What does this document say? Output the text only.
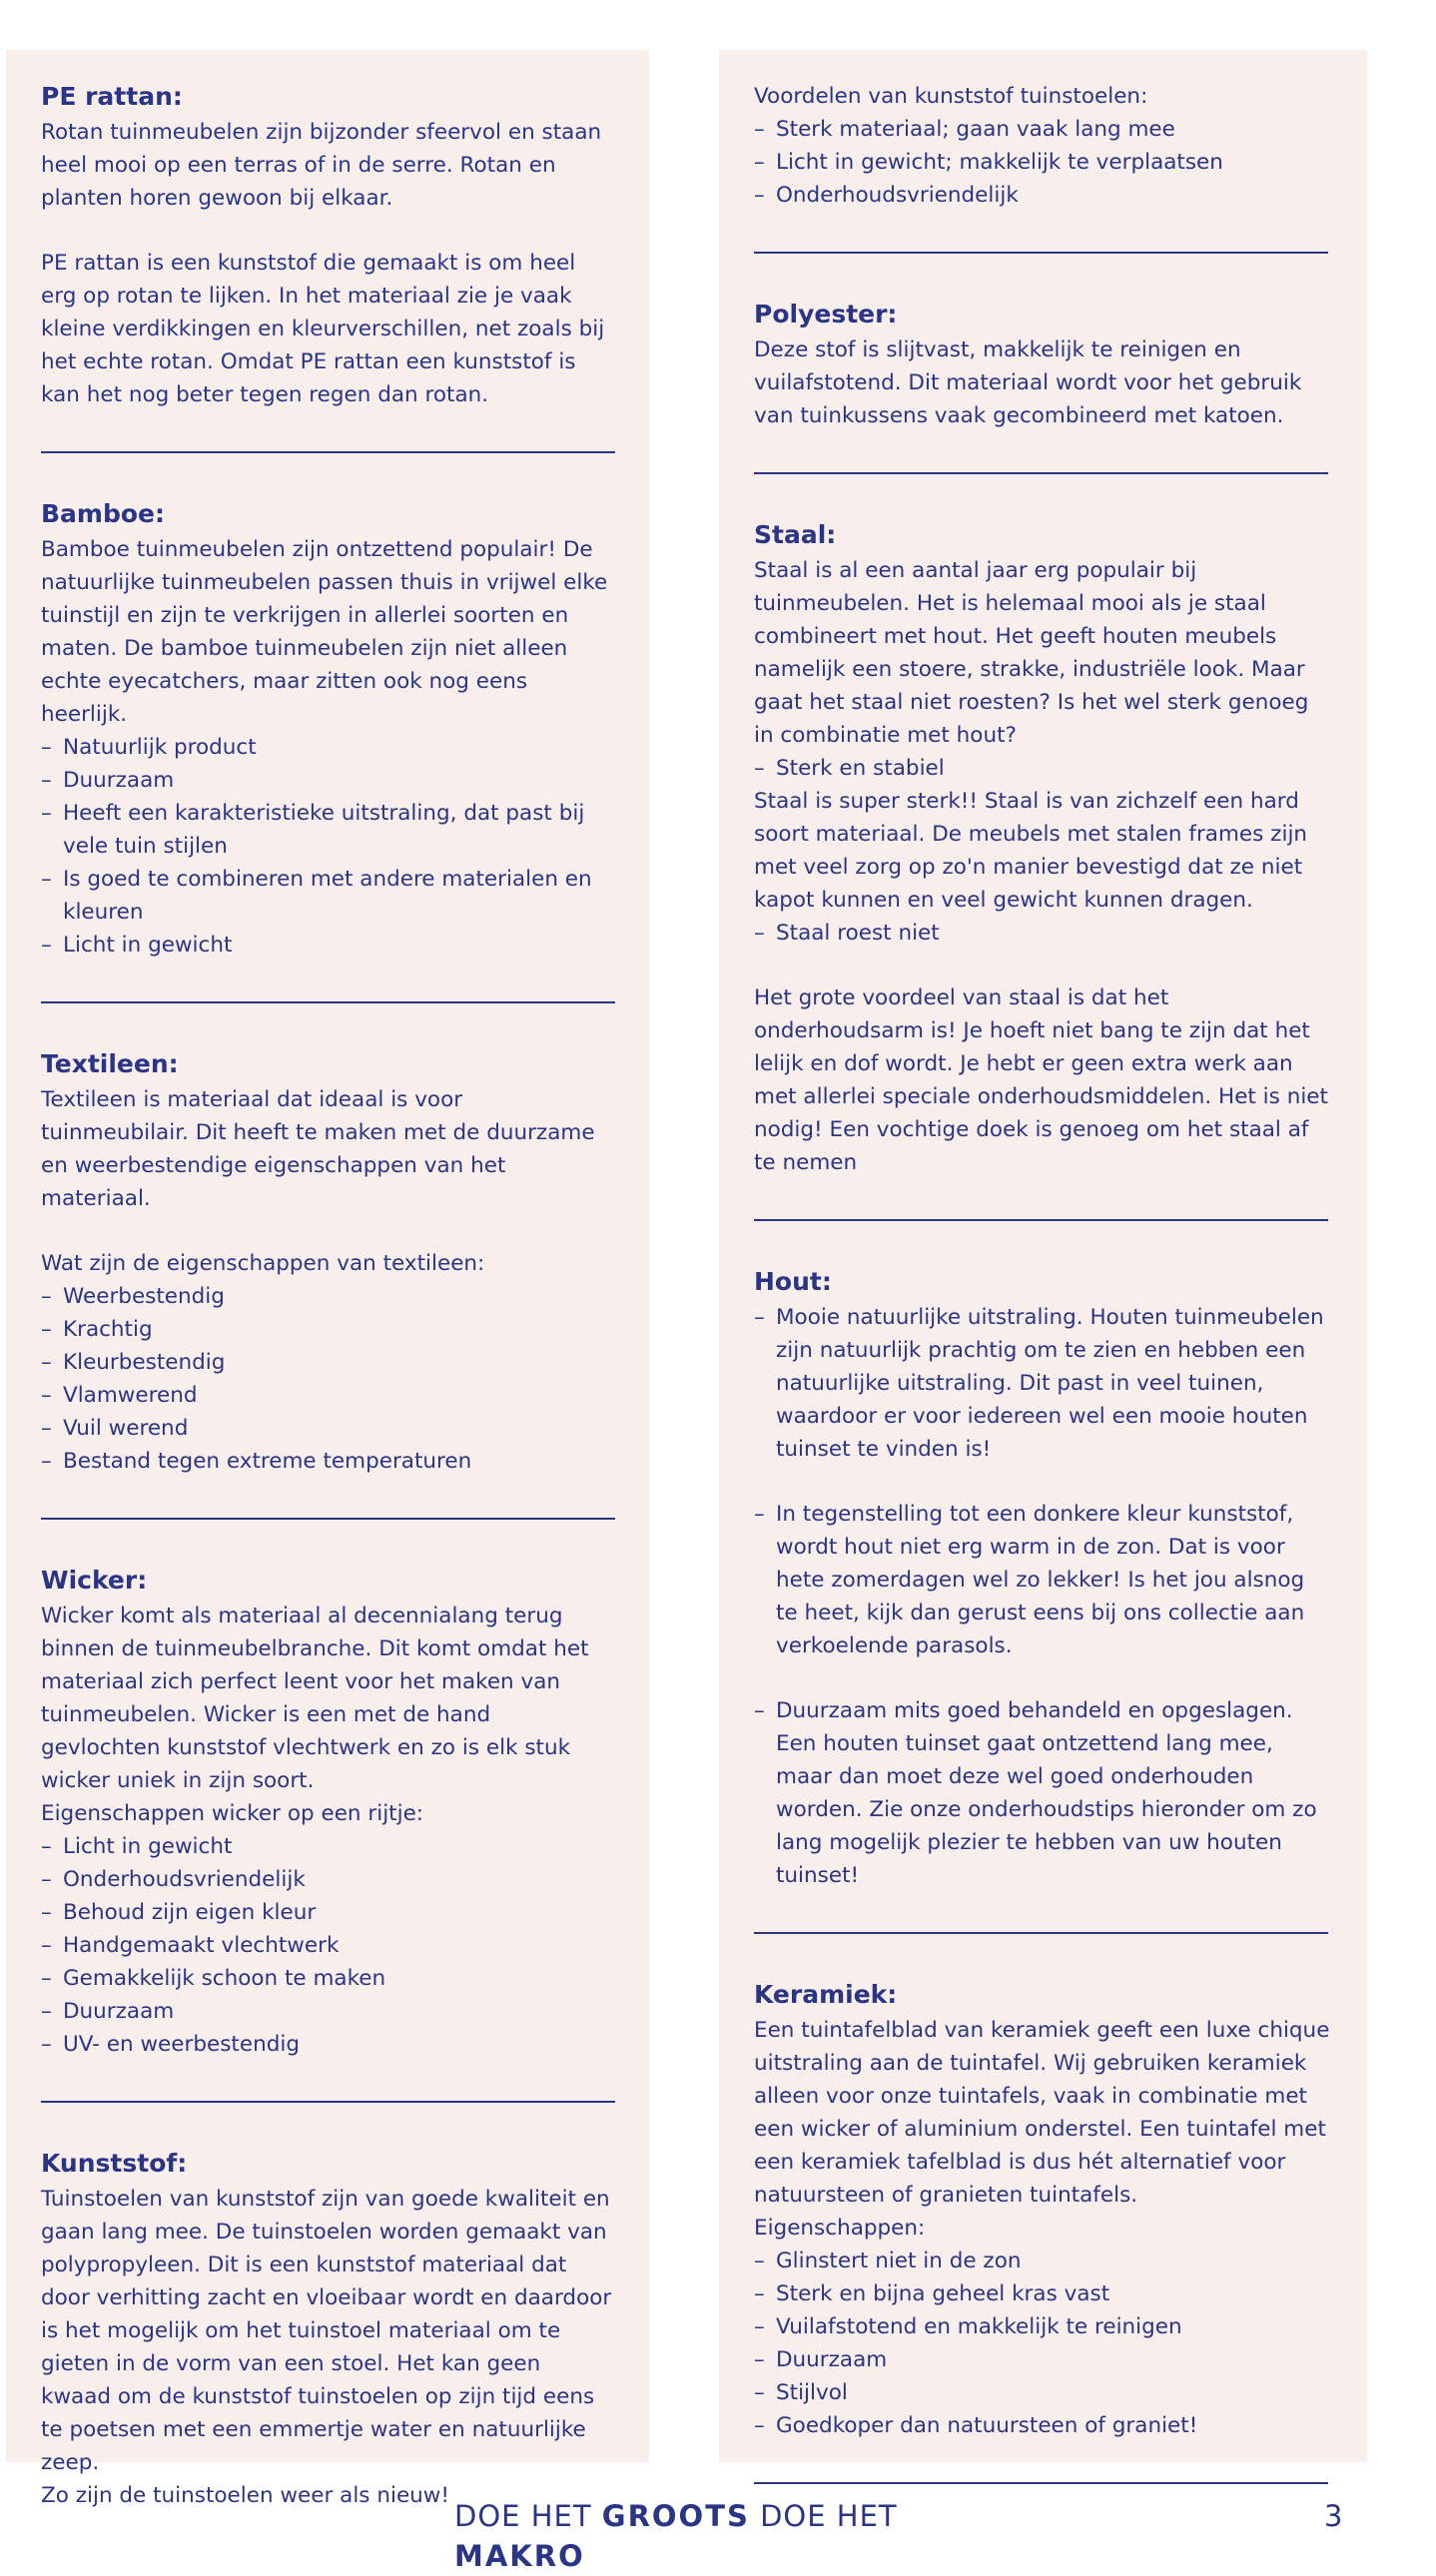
PE rattan:

Rotan tuinmeubelen zijn bijzonder sfeervol en staan heel mooi op een terras of in de serre. Rotan en planten horen gewoon bij elkaar.

PE rattan is een kunststof die gemaakt is om heel erg op rotan te lijken. In het materiaal zie je vaak kleine verdikkingen en kleurverschillen, net zoals bij het echte rotan. Omdat PE rattan een kunststof is kan het nog beter tegen regen dan rotan.

Bamboe:

Bamboe tuinmeubelen zijn ontzettend populair! De natuurlijke tuinmeubelen passen thuis in vrijwel elke tuinstijl en zijn te verkrijgen in allerlei soorten en maten. De bamboe tuinmeubelen zijn niet alleen echte eyecatchers, maar zitten ook nog eens heerlijk.

– Natuurlijk product
– Duurzaam
– Heeft een karakteristieke uitstraling, dat past bij vele tuin stijlen
– Is goed te combineren met andere materialen en kleuren
– Licht in gewicht
Textileen:

Textileen is materiaal dat ideaal is voor tuinmeubilair. Dit heeft te maken met de duurzame en weerbestendige eigenschappen van het materiaal.

Wat zijn de eigenschappen van textileen:

– Weerbestendig
– Krachtig
– Kleurbestendig
– Vlamwerend
– Vuil werend
– Bestand tegen extreme temperaturen
Wicker:

Wicker komt als materiaal al decennialang terug binnen de tuinmeubelbranche. Dit komt omdat het materiaal zich perfect leent voor het maken van tuinmeubelen. Wicker is een met de hand gevlochten kunststof vlechtwerk en zo is elk stuk wicker uniek in zijn soort.

Eigenschappen wicker op een rijtje:

– Licht in gewicht
– Onderhoudsvriendelijk
– Behoud zijn eigen kleur
– Handgemaakt vlechtwerk
– Gemakkelijk schoon te maken
– Duurzaam
– UV- en weerbestendig
Kunststof:

Tuinstoelen van kunststof zijn van goede kwaliteit en gaan lang mee. De tuinstoelen worden gemaakt van polypropyleen. Dit is een kunststof materiaal dat door verhitting zacht en vloeibaar wordt en daardoor is het mogelijk om het tuinstoel materiaal om te gieten in de vorm van een stoel. Het kan geen kwaad om de kunststof tuinstoelen op zijn tijd eens te poetsen met een emmertje water en natuurlijke zeep.

Zo zijn de tuinstoelen weer als nieuw!

Voordelen van kunststof tuinstoelen:

– Sterk materiaal; gaan vaak lang mee
– Licht in gewicht; makkelijk te verplaatsen
– Onderhoudsvriendelijk
Polyester:

Deze stof is slijtvast, makkelijk te reinigen en vuilafstotend. Dit materiaal wordt voor het gebruik van tuinkussens vaak gecombineerd met katoen.

Staal:

Staal is al een aantal jaar erg populair bij tuinmeubelen. Het is helemaal mooi als je staal combineert met hout. Het geeft houten meubels namelijk een stoere, strakke, industriële look. Maar gaat het staal niet roesten? Is het wel sterk genoeg in combinatie met hout?

– Sterk en stabiel

Staal is super sterk!! Staal is van zichzelf een hard soort materiaal. De meubels met stalen frames zijn met veel zorg op zo'n manier bevestigd dat ze niet kapot kunnen en veel gewicht kunnen dragen.

– Staal roest niet

Het grote voordeel van staal is dat het onderhoudsarm is! Je hoeft niet bang te zijn dat het lelijk en dof wordt. Je hebt er geen extra werk aan met allerlei speciale onderhoudsmiddelen. Het is niet nodig! Een vochtige doek is genoeg om het staal af te nemen

Hout:
– Mooie natuurlijke uitstraling. Houten tuinmeubelen zijn natuurlijk prachtig om te zien en hebben een natuurlijke uitstraling. Dit past in veel tuinen, waardoor er voor iedereen wel een mooie houten tuinset te vinden is!
– In tegenstelling tot een donkere kleur kunststof, wordt hout niet erg warm in de zon. Dat is voor hete zomerdagen wel zo lekker! Is het jou alsnog te heet, kijk dan gerust eens bij ons collectie aan verkoelende parasols.
– Duurzaam mits goed behandeld en opgeslagen. Een houten tuinset gaat ontzettend lang mee, maar dan moet deze wel goed onderhouden worden. Zie onze onderhoudstips hieronder om zo lang mogelijk plezier te hebben van uw houten tuinset!
Keramiek:

Een tuintafelblad van keramiek geeft een luxe chique uitstraling aan de tuintafel. Wij gebruiken keramiek alleen voor onze tuintafels, vaak in combinatie met een wicker of aluminium onderstel. Een tuintafel met een keramiek tafelblad is dus hét alternatief voor natuursteen of granieten tuintafels.

Eigenschappen:

– Glinstert niet in de zon
– Sterk en bijna geheel kras vast
– Vuilafstotend en makkelijk te reinigen
– Duurzaam
– Stijlvol
– Goedkoper dan natuursteen of graniet!
DOE HET GROOTS DOE HET MAKRO
3
